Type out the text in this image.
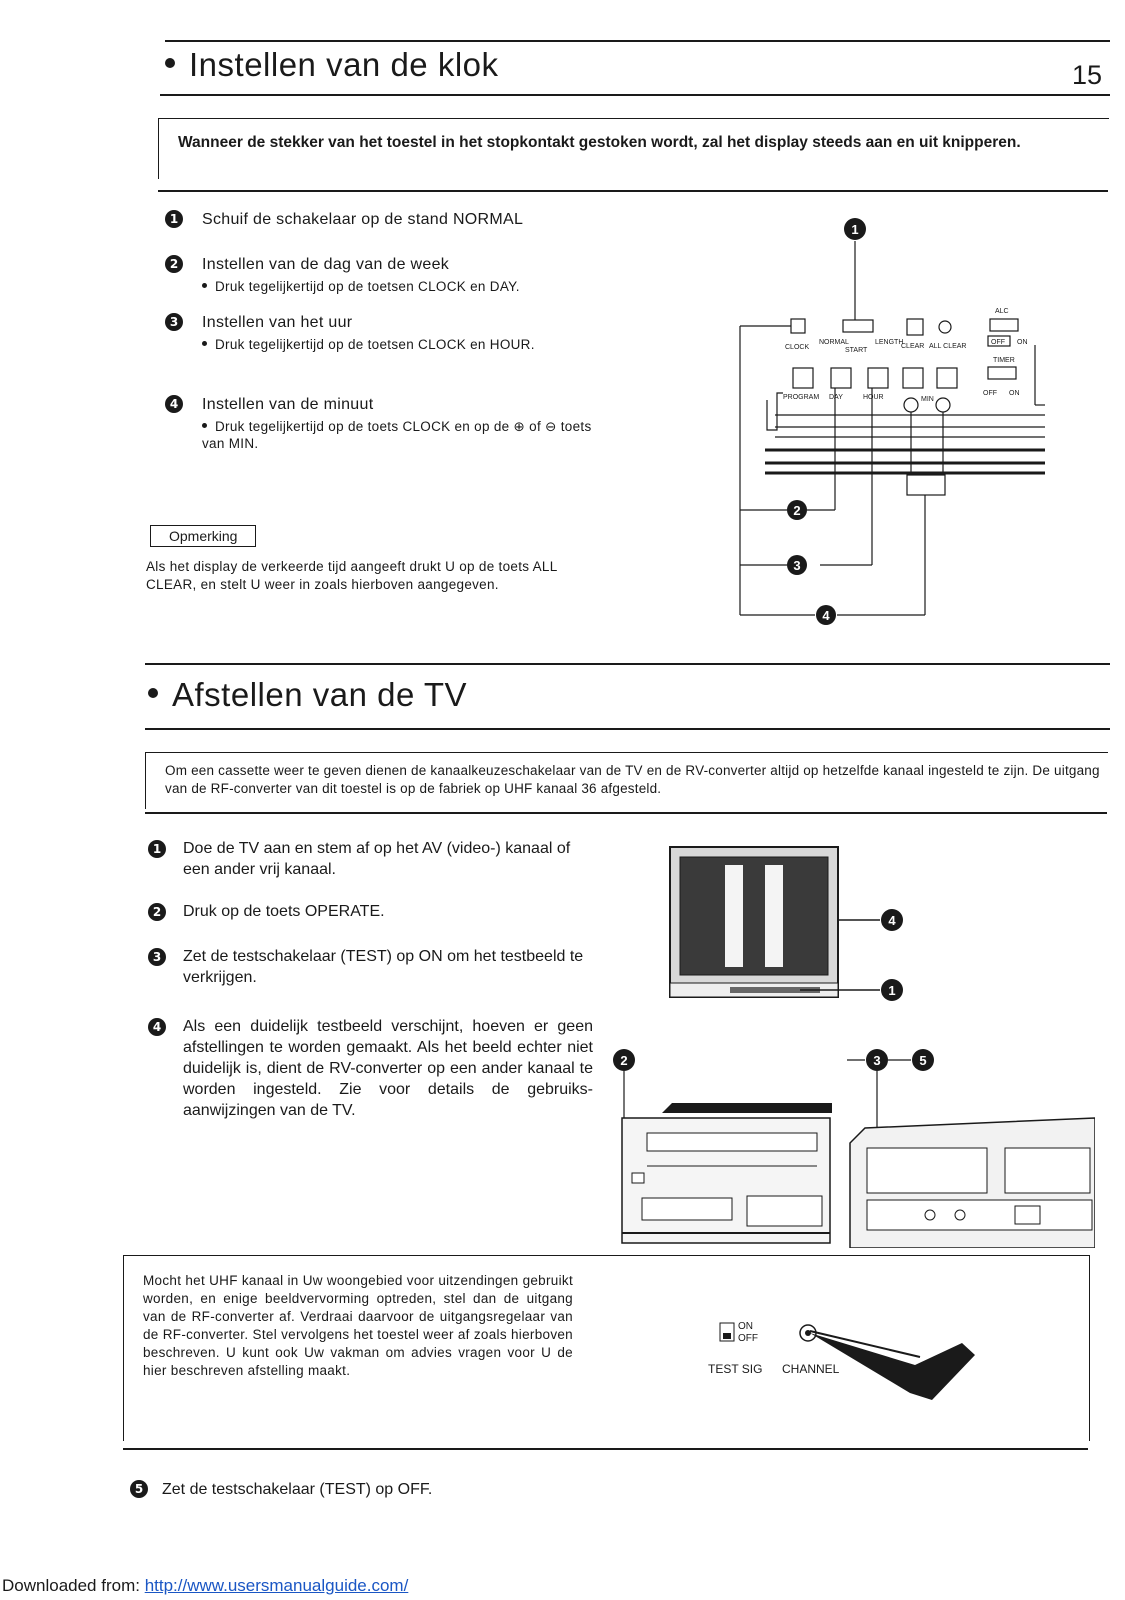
Instellen van de klok	15
Wanneer de stekker van het toestel in het stopkontakt gestoken wordt, zal het display steeds aan en uit knipperen.
1 Schuif de schakelaar op de stand NORMAL
2 Instellen van de dag van de week
Druk tegelijkertijd op de toetsen CLOCK en DAY.
3 Instellen van het uur
Druk tegelijkertijd op de toetsen CLOCK en HOUR.
4 Instellen van de minuut
Druk tegelijkertijd op de toets CLOCK en op de ⊕ of ⊖ toets van MIN.
Opmerking
Als het display de verkeerde tijd aangeeft drukt U op de toets ALL CLEAR, en stelt U weer in zoals hierboven aangegeven.
CLOCK
NORMAL	LENGTH
START
CLEAR ALL CLEAR
ALC
OFF ON
TIMER
OFF ON
PROGRAM DAY	HOUR	MIN
1
2
3
4
Afstellen van de TV
Om een cassette weer te geven dienen de kanaalkeuzeschakelaar van de TV en de RV-converter altijd op hetzelfde kanaal ingesteld te zijn. De uitgang van de RF-converter van dit toestel is op de fabriek op UHF kanaal 36 afgesteld.
1 Doe de TV aan en stem af op het AV (video-) kanaal of een ander vrij kanaal.
2 Druk op de toets OPERATE.
3 Zet de testschakelaar (TEST) op ON om het testbeeld te verkrijgen.
4 Als een duidelijk testbeeld verschijnt, hoeven er geen afstellingen te worden gemaakt. Als het beeld echter niet duidelijk is, dient de RV-converter op een ander kanaal te worden ingesteld. Zie voor details de gebruiks-aanwijzingen van de TV.
4
1
2	3	5
Mocht het UHF kanaal in Uw woongebied voor uitzendingen gebruikt worden, en enige beeldvervorming optreden, stel dan de uitgang van de RF-converter af. Verdraai daarvoor de uitgangsregelaar van de RF-converter. Stel vervolgens het toestel weer af zoals hierboven beschreven. U kunt ook Uw vakman om advies vragen voor U de hier beschreven afstelling maakt.
ON
OFF
TEST SIG CHANNEL
5 Zet de testschakelaar (TEST) op OFF.
Downloaded from: http://www.usersmanualguide.com/
